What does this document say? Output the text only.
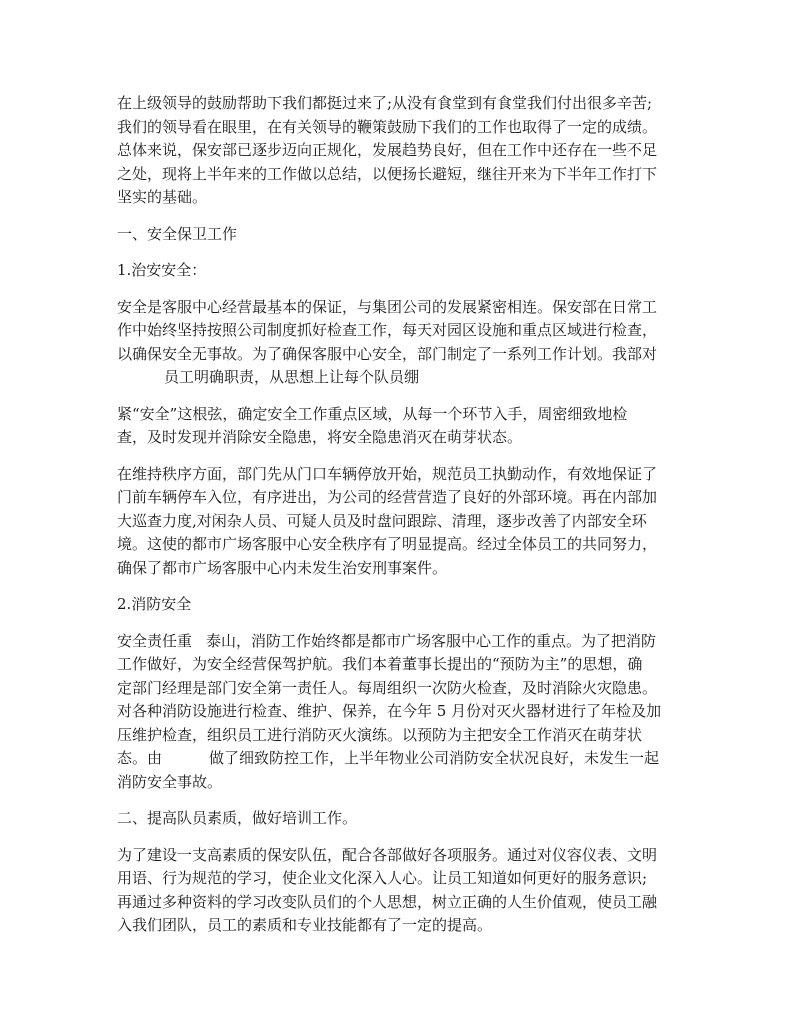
在上级领导的鼓励帮助下我们都挺过来了;从没有食堂到有食堂我们付出很多辛苦;
我们的领导看在眼里，在有关领导的鞭策鼓励下我们的工作也取得了一定的成绩。
总体来说，保安部已逐步迈向正规化，发展趋势良好，但在工作中还存在一些不足
之处，现将上半年来的工作做以总结，以便扬长避短，继往开来为下半年工作打下
坚实的基础。
一、安全保卫工作
1.治安安全：
安全是客服中心经营最基本的保证，与集团公司的发展紧密相连。保安部在日常工
作中始终坚持按照公司制度抓好检查工作，每天对园区设施和重点区域进行检查，
以确保安全无事故。为了确保客服中心安全，部门制定了一系列工作计划。我部对
员工明确职责，从思想上让每个队员绷
紧“安全”这根弦，确定安全工作重点区域，从每一个环节入手，周密细致地检
查，及时发现并消除安全隐患，将安全隐患消灭在萌芽状态。
在维持秩序方面，部门先从门口车辆停放开始，规范员工执勤动作，有效地保证了
门前车辆停车入位，有序进出，为公司的经营营造了良好的外部环境。再在内部加
大巡查力度,对闲杂人员、可疑人员及时盘问跟踪、清理，逐步改善了内部安全环
境。这使的都市广场客服中心安全秩序有了明显提高。经过全体员工的共同努力，
确保了都市广场客服中心内未发生治安刑事案件。
2.消防安全
安全责任重 泰山，消防工作始终都是都市广场客服中心工作的重点。为了把消防
工作做好，为安全经营保驾护航。我们本着董事长提出的“预防为主”的思想，确
定部门经理是部门安全第一责任人。每周组织一次防火检查，及时消除火灾隐患。
对各种消防设施进行检查、维护、保养，在今年 5 月份对灭火器材进行了年检及加
压维护检查，组织员工进行消防灭火演练。以预防为主把安全工作消灭在萌芽状
态。由	做了细致防控工作，上半年物业公司消防安全状况良好，未发生一起
消防安全事故。
二、提高队员素质，做好培训工作。
为了建设一支高素质的保安队伍，配合各部做好各项服务。通过对仪容仪表、文明
用语、行为规范的学习，使企业文化深入人心。让员工知道如何更好的服务意识;
再通过多种资料的学习改变队员们的个人思想，树立正确的人生价值观，使员工融
入我们团队，员工的素质和专业技能都有了一定的提高。
